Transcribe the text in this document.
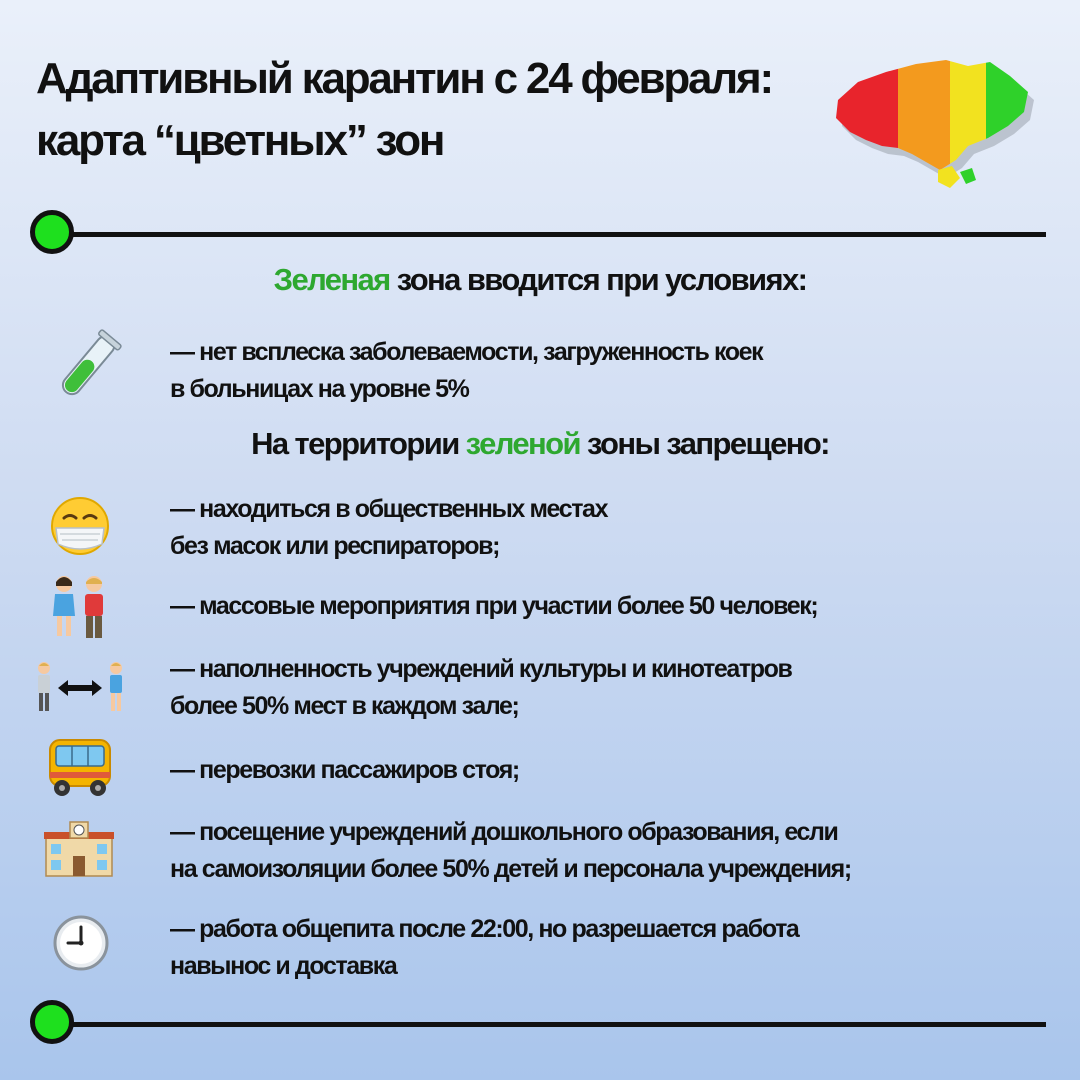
Адаптивный карантин с 24 февраля:
карта “цветных” зон
Зеленая зона вводится при условиях:
— нет всплеска заболеваемости, загруженность коек
в больницах на уровне 5%
На территории зеленой зоны запрещено:
— находиться в общественных местах
без масок или респираторов;
— массовые мероприятия при участии более 50 человек;
— наполненность учреждений культуры и кинотеатров
более 50% мест в каждом зале;
— перевозки пассажиров стоя;
— посещение учреждений дошкольного образования, если
на самоизоляции более 50% детей и персонала учреждения;
— работа общепита после 22:00, но разрешается работа
навынос и доставка
